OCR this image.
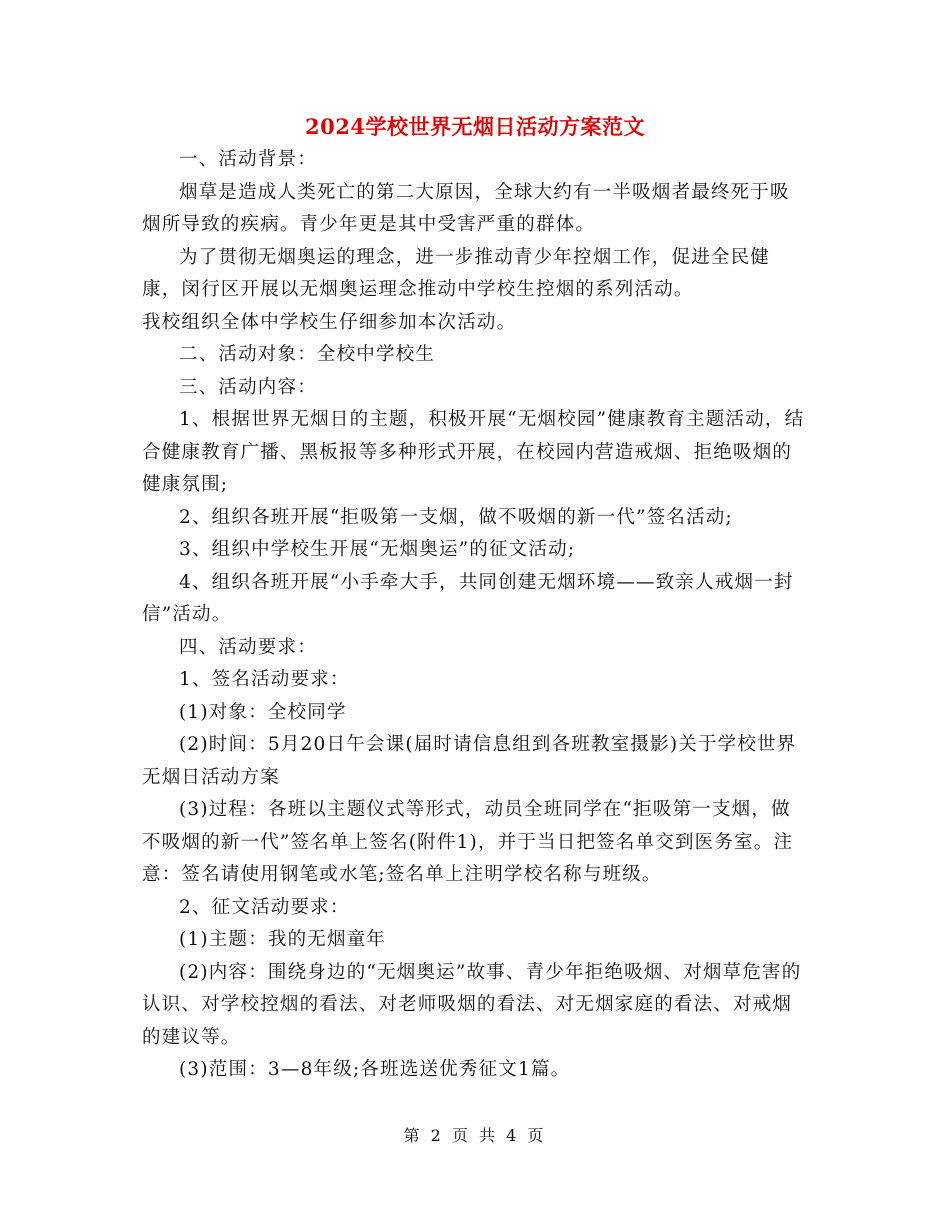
2024学校世界无烟日活动方案范文

一、活动背景：

烟草是造成人类死亡的第二大原因，全球大约有一半吸烟者最终死于吸烟所导致的疾病。青少年更是其中受害严重的群体。

为了贯彻无烟奥运的理念，进一步推动青少年控烟工作，促进全民健康，闵行区开展以无烟奥运理念推动中学校生控烟的系列活动。

我校组织全体中学校生仔细参加本次活动。

二、活动对象：全校中学校生

三、活动内容：

1、根据世界无烟日的主题，积极开展“无烟校园”健康教育主题活动，结合健康教育广播、黑板报等多种形式开展，在校园内营造戒烟、拒绝吸烟的健康氛围;

2、组织各班开展“拒吸第一支烟，做不吸烟的新一代”签名活动;

3、组织中学校生开展“无烟奥运”的征文活动;

4、组织各班开展“小手牵大手，共同创建无烟环境——致亲人戒烟一封信”活动。

四、活动要求：

1、签名活动要求：

(1)对象：全校同学

(2)时间：5月20日午会课(届时请信息组到各班教室摄影)关于学校世界无烟日活动方案

(3)过程：各班以主题仪式等形式，动员全班同学在“拒吸第一支烟，做不吸烟的新一代”签名单上签名(附件1)，并于当日把签名单交到医务室。注意：签名请使用钢笔或水笔;签名单上注明学校名称与班级。

2、征文活动要求：

(1)主题：我的无烟童年

(2)内容：围绕身边的“无烟奥运”故事、青少年拒绝吸烟、对烟草危害的认识、对学校控烟的看法、对老师吸烟的看法、对无烟家庭的看法、对戒烟的建议等。

(3)范围：3—8年级;各班选送优秀征文1篇。

第 2 页 共 4 页
